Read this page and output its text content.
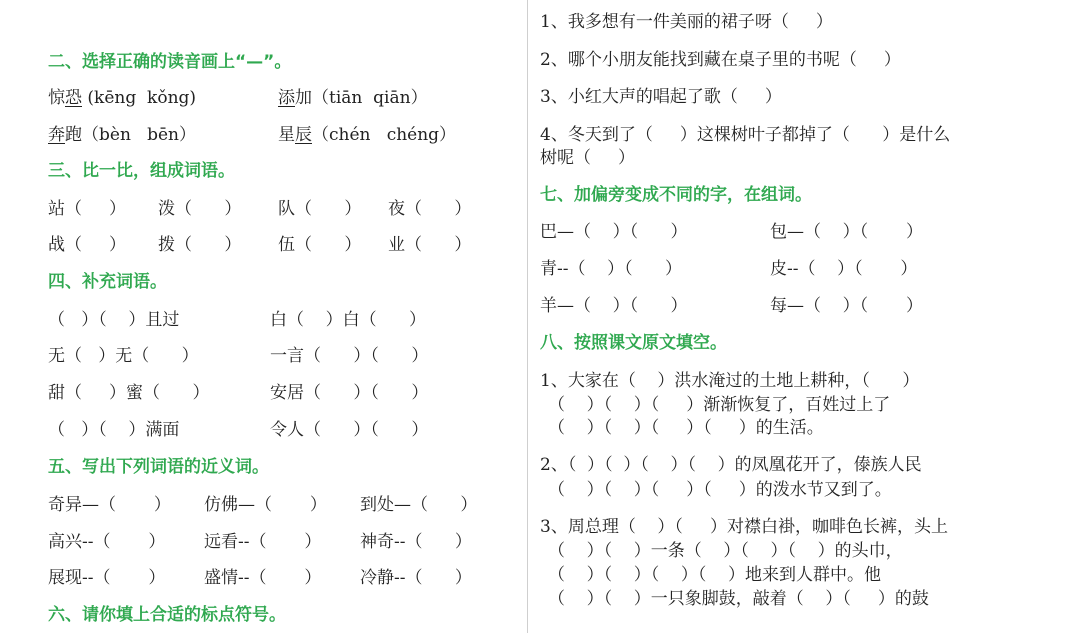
二、选择正确的读音画上“—”。
惊恐 (kēng  kǒng)	添加（tiān  qiān）
奔跑（bèn   bēn）	星辰（chén   chéng）
三、比一比，组成词语。
站（     ） 泼（      ） 队（      ） 夜（      ）
战（     ） 拨（      ） 伍（      ） 业（      ）
四、补充词语。
（   ）（    ）且过	白（    ）白（      ）
无（   ）无（      ）	一言（      ）（      ）
甜（     ）蜜（      ）	安居（      ）（      ）
（   ）（    ）满面	令人（      ）（      ）
五、写出下列词语的近义词。
奇异—（       ） 仿佛—（       ） 到处—（      ）
高兴--（       ） 远看--（       ） 神奇--（      ）
展现--（       ） 盛情--（       ） 冷静--（      ）
六、请你填上合适的标点符号。
1、我多想有一件美丽的裙子呀（     ）
2、哪个小朋友能找到藏在桌子里的书呢（     ）
3、小红大声的唱起了歌（     ）
4、冬天到了（     ）这棵树叶子都掉了（      ）是什么
树呢（     ）
七、加偏旁变成不同的字，在组词。
巴—（    ）（      ）	包—（    ）（       ）
青--（    ）（      ）	皮--（    ）（       ）
羊—（    ）（      ）	每—（    ）（       ）
八、按照课文原文填空。
1、大家在（    ）洪水淹过的土地上耕种，（      ）
（    ）（    ）（     ）渐渐恢复了，百姓过上了
（    ）（    ）（     ）（     ）的生活。
2、（  ）（  ）（    ）（    ）的凤凰花开了，傣族人民
（    ）（    ）（     ）（     ）的泼水节又到了。
3、周总理（    ）（     ）对襟白褂，咖啡色长裤，头上
（    ）（    ）一条（    ）（    ）（    ）的头巾，
（    ）（    ）（    ）（    ）地来到人群中。他
（    ）（    ）一只象脚鼓，敲着（    ）（     ）的鼓
